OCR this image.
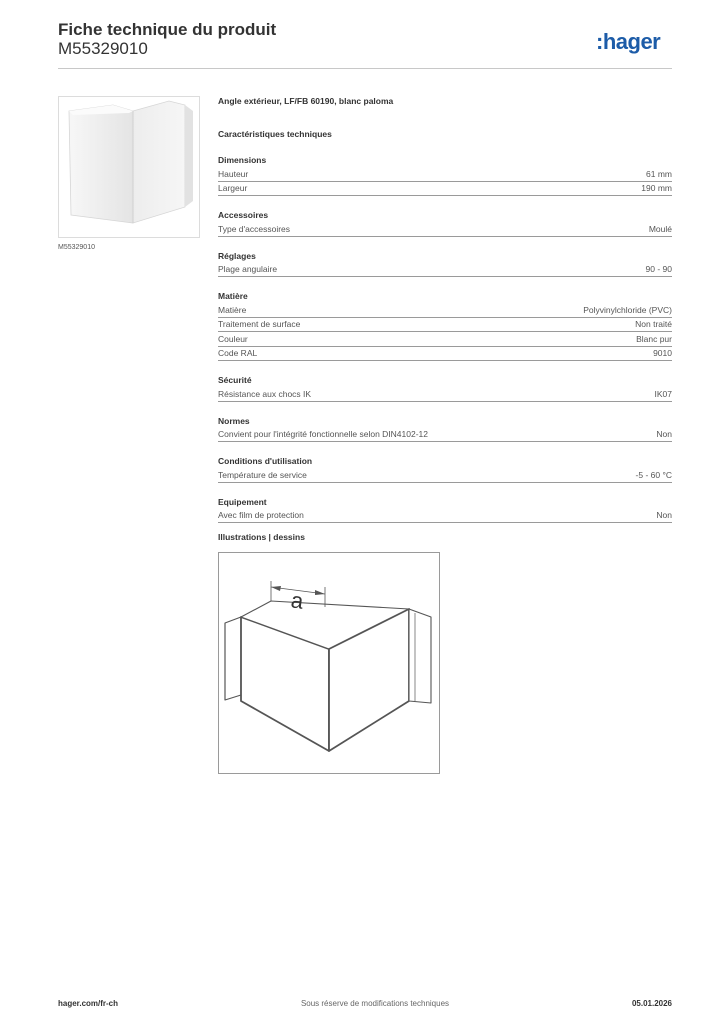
Fiche technique du produit
M55329010	:hager
M55329010
Angle extérieur, LF/FB 60190, blanc paloma
Caractéristiques techniques
Dimensions
Hauteur	61 mm
Largeur	190 mm
Accessoires
Type d'accessoires	Moulé
Réglages
Plage angulaire	90 - 90
Matière
Matière	Polyvinylchloride (PVC)
Traitement de surface	Non traité
Couleur	Blanc pur
Code RAL	9010
Sécurité
Résistance aux chocs IK	IK07
Normes
Convient pour l'intégrité fonctionnelle selon DIN4102-12	Non
Conditions d'utilisation
Température de service	-5 - 60 °C
Equipement
Avec film de protection	Non
Illustrations | dessins
a
hager.com/fr-ch	Sous réserve de modifications techniques	05.01.2026
